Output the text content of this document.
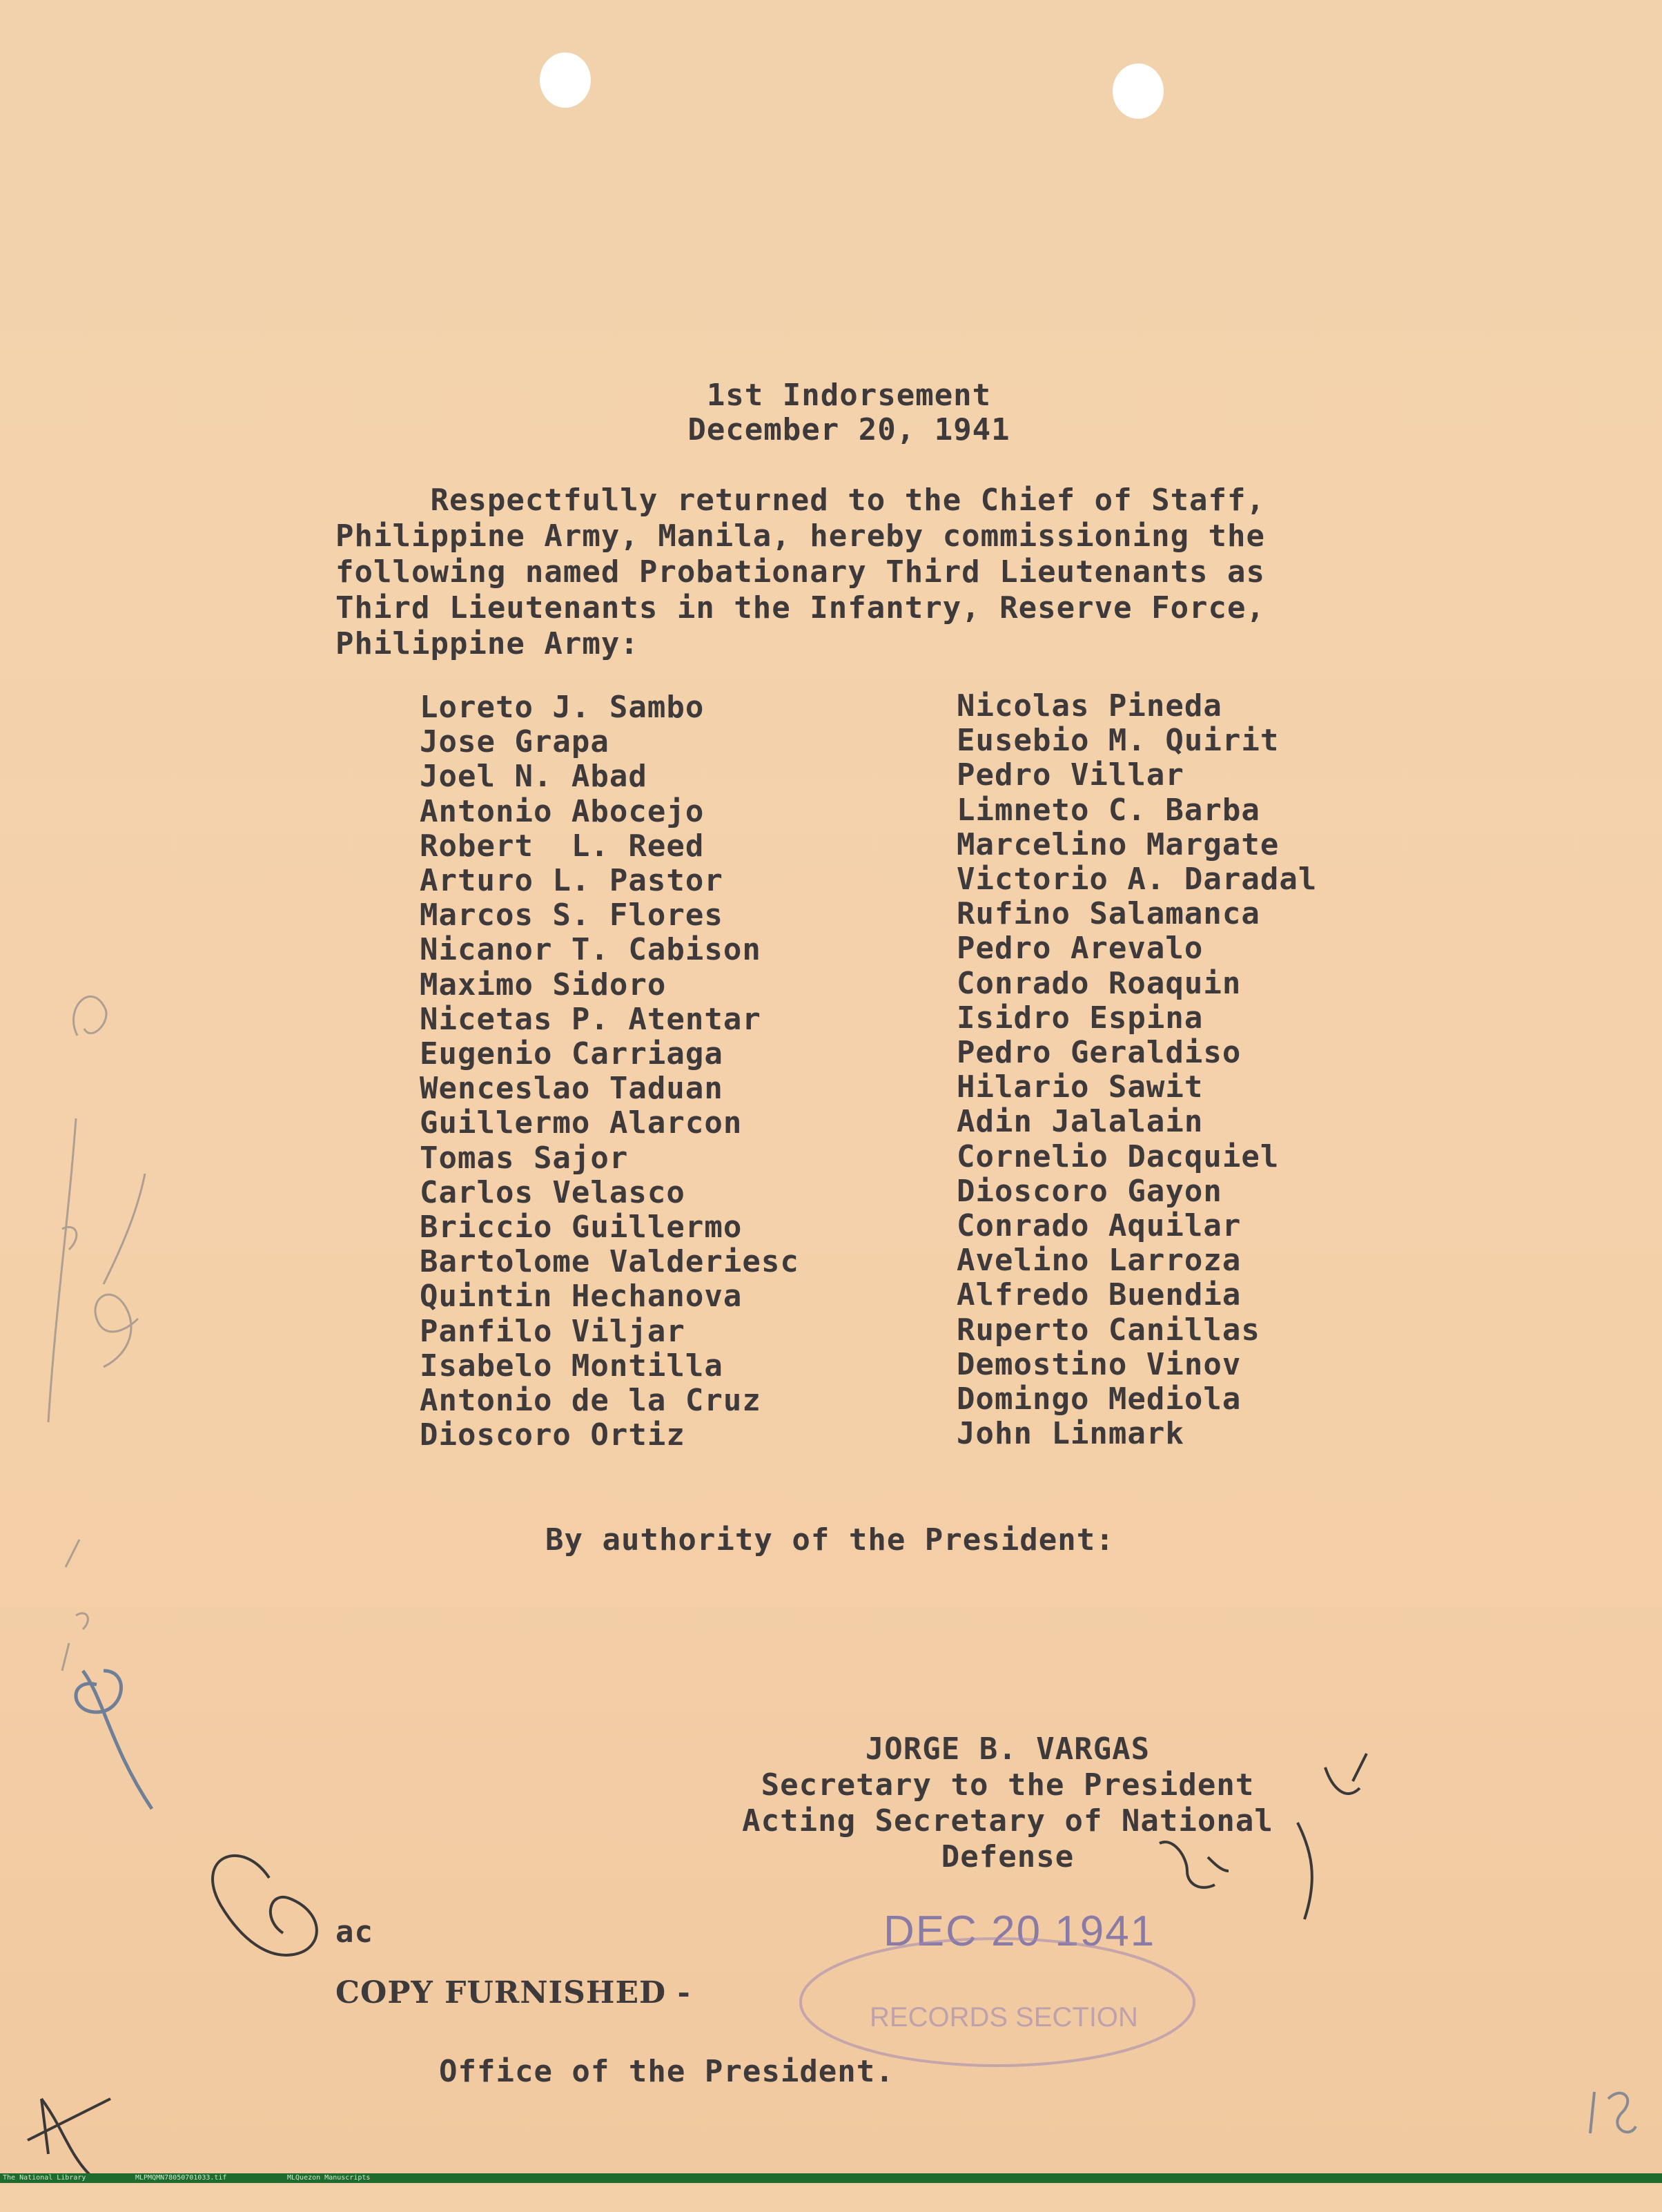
1st Indorsement
December 20, 1941
Respectfully returned to the Chief of Staff,
Philippine Army, Manila, hereby commissioning the
following named Probationary Third Lieutenants as
Third Lieutenants in the Infantry, Reserve Force,
Philippine Army:
Loreto J. Sambo
Jose Grapa
Joel N. Abad
Antonio Abocejo
Robert  L. Reed
Arturo L. Pastor
Marcos S. Flores
Nicanor T. Cabison
Maximo Sidoro
Nicetas P. Atentar
Eugenio Carriaga
Wenceslao Taduan
Guillermo Alarcon
Tomas Sajor
Carlos Velasco
Briccio Guillermo
Bartolome Valderiesc
Quintin Hechanova
Panfilo Viljar
Isabelo Montilla
Antonio de la Cruz
Dioscoro Ortiz
Nicolas Pineda
Eusebio M. Quirit
Pedro Villar
Limneto C. Barba
Marcelino Margate
Victorio A. Daradal
Rufino Salamanca
Pedro Arevalo
Conrado Roaquin
Isidro Espina
Pedro Geraldiso
Hilario Sawit
Adin Jalalain
Cornelio Dacquiel
Dioscoro Gayon
Conrado Aquilar
Avelino Larroza
Alfredo Buendia
Ruperto Canillas
Demostino Vinov
Domingo Mediola
John Linmark
By authority of the President:
JORGE B. VARGAS
Secretary to the President
Acting Secretary of National
Defense
ac
COPY FURNISHED -
Office of the President.
DEC 20 1941
RECORDS SECTION

The National Library

	MLPMQMN78050701033.tif

	MLQuezon Manuscripts
